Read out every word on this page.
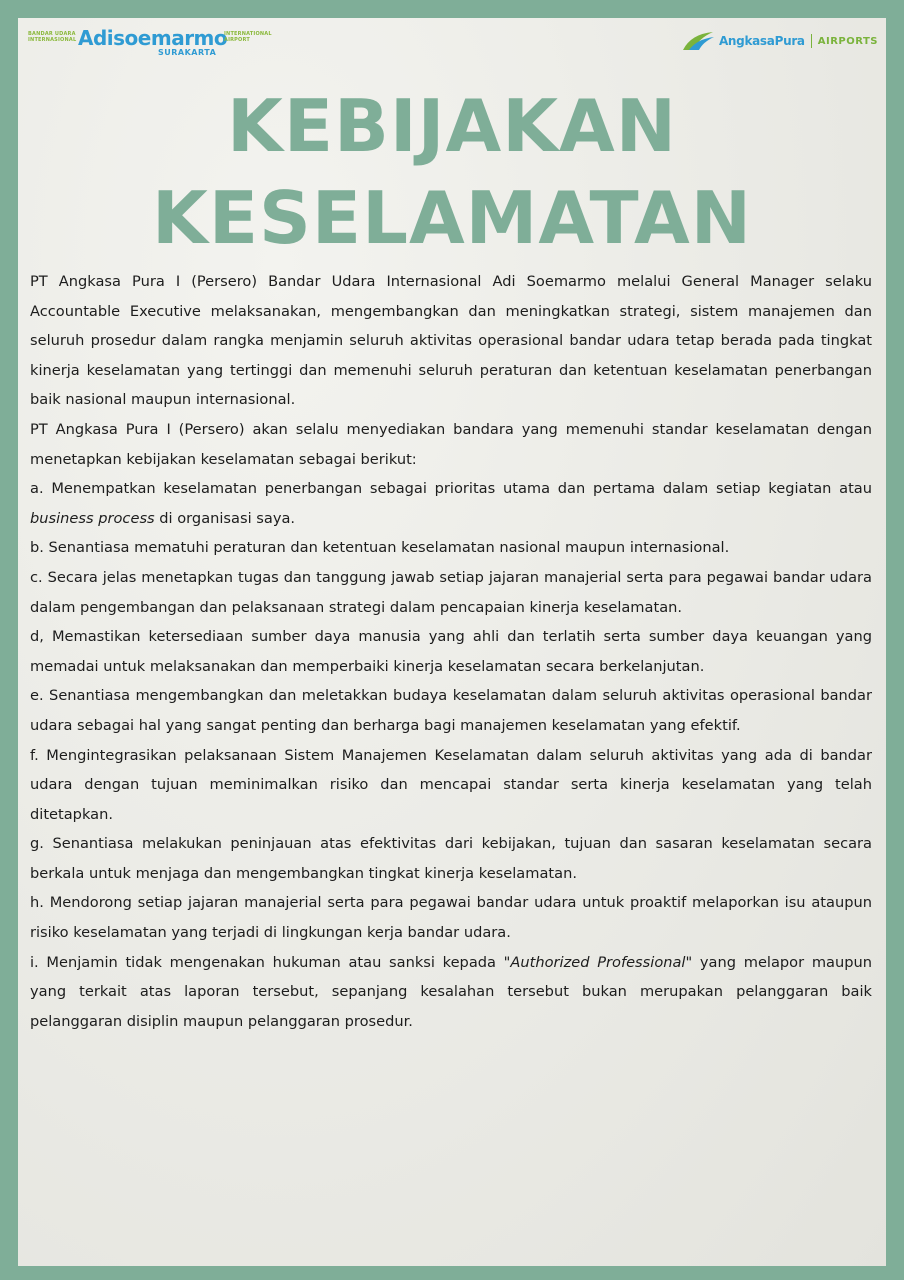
BANDAR UDARA
INTERNASIONAL Adisoemarmo
INTERNATIONAL
AIRPORT
SURAKARTA
AngkasaPura AIRPORTS
KEBIJAKAN
KESELAMATAN

PT Angkasa Pura I (Persero) Bandar Udara Internasional Adi Soemarmo melalui General Manager selaku Accountable Executive melaksanakan, mengembangkan dan meningkatkan strategi, sistem manajemen dan seluruh prosedur dalam rangka menjamin seluruh aktivitas operasional bandar udara tetap berada pada tingkat kinerja keselamatan yang tertinggi dan memenuhi seluruh peraturan dan ketentuan keselamatan penerbangan baik nasional maupun internasional.

PT Angkasa Pura I (Persero) akan selalu menyediakan bandara yang memenuhi standar keselamatan dengan menetapkan kebijakan keselamatan sebagai berikut:

a. Menempatkan keselamatan penerbangan sebagai prioritas utama dan pertama dalam setiap kegiatan atau business process di organisasi saya.

b. Senantiasa mematuhi peraturan dan ketentuan keselamatan nasional maupun internasional.

c. Secara jelas menetapkan tugas dan tanggung jawab setiap jajaran manajerial serta para pegawai bandar udara dalam pengembangan dan pelaksanaan strategi dalam pencapaian kinerja keselamatan.

d, Memastikan ketersediaan sumber daya manusia yang ahli dan terlatih serta sumber daya keuangan yang memadai untuk melaksanakan dan memperbaiki kinerja keselamatan secara berkelanjutan.

e. Senantiasa mengembangkan dan meletakkan budaya keselamatan dalam seluruh aktivitas operasional bandar udara sebagai hal yang sangat penting dan berharga bagi manajemen keselamatan yang efektif.

f. Mengintegrasikan pelaksanaan Sistem Manajemen Keselamatan dalam seluruh aktivitas yang ada di bandar udara dengan tujuan meminimalkan risiko dan mencapai standar serta kinerja keselamatan yang telah ditetapkan.

g. Senantiasa melakukan peninjauan atas efektivitas dari kebijakan, tujuan dan sasaran keselamatan secara berkala untuk menjaga dan mengembangkan tingkat kinerja keselamatan.

h. Mendorong setiap jajaran manajerial serta para pegawai bandar udara untuk proaktif melaporkan isu ataupun risiko keselamatan yang terjadi di lingkungan kerja bandar udara.

i. Menjamin tidak mengenakan hukuman atau sanksi kepada "Authorized Professional" yang melapor maupun yang terkait atas laporan tersebut, sepanjang kesalahan tersebut bukan merupakan pelanggaran baik pelanggaran disiplin maupun pelanggaran prosedur.
